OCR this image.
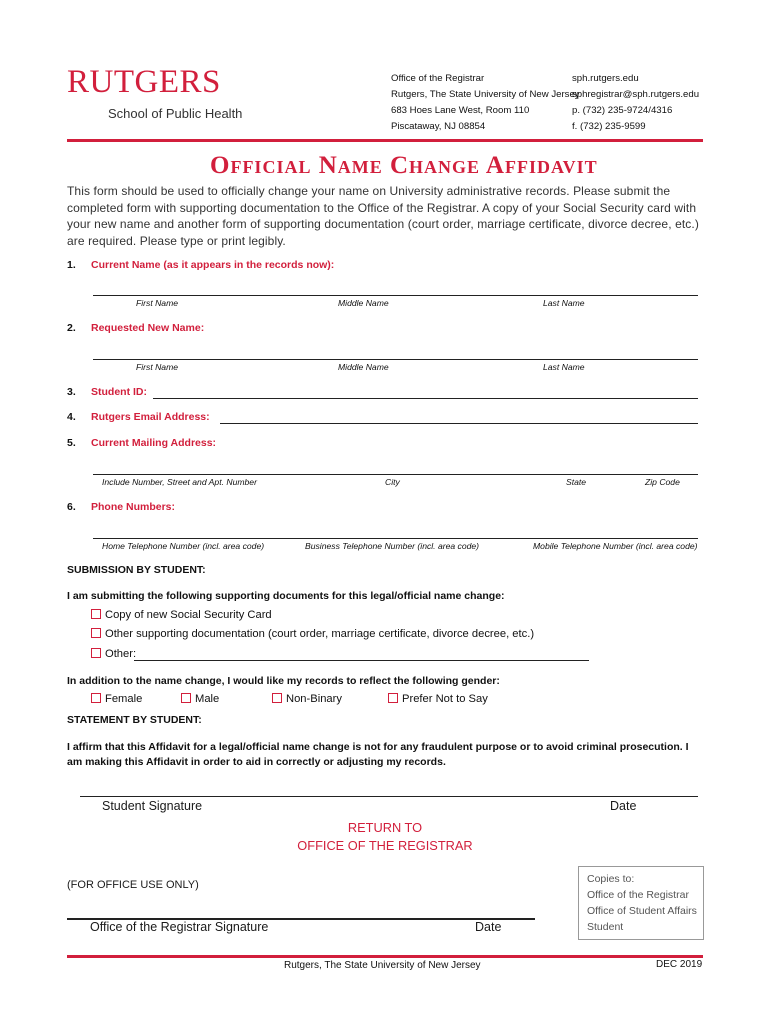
RUTGERS
School of Public Health
Office of the Registrar
Rutgers, The State University of New Jersey
683 Hoes Lane West, Room 110
Piscataway, NJ 08854
sph.rutgers.edu
sphregistrar@sph.rutgers.edu
p. (732) 235-9724/4316
f. (732) 235-9599
Official Name Change Affidavit
This form should be used to officially change your name on University administrative records. Please submit the completed form with supporting documentation to the Office of the Registrar. A copy of your Social Security card with your new name and another form of supporting documentation (court order, marriage certificate, divorce decree, etc.) are required. Please type or print legibly.
1. Current Name (as it appears in the records now):
First Name	Middle Name	Last Name
2. Requested New Name:
First Name	Middle Name	Last Name
3. Student ID:
4. Rutgers Email Address:
5. Current Mailing Address:
Include Number, Street and Apt. Number	City	State	Zip Code
6. Phone Numbers:
Home Telephone Number (incl. area code)	Business Telephone Number (incl. area code)	Mobile Telephone Number (incl. area code)
SUBMISSION BY STUDENT:
I am submitting the following supporting documents for this legal/official name change:
Copy of new Social Security Card
Other supporting documentation (court order, marriage certificate, divorce decree, etc.)
Other:
In addition to the name change, I would like my records to reflect the following gender:
Female	Male	Non-Binary	Prefer Not to Say
STATEMENT BY STUDENT:
I affirm that this Affidavit for a legal/official name change is not for any fraudulent purpose or to avoid criminal prosecution. I am making this Affidavit in order to aid in correctly or adjusting my records.
Student Signature	Date
RETURN TO
OFFICE OF THE REGISTRAR
(FOR OFFICE USE ONLY)
Office of the Registrar Signature	Date
Copies to:
Office of the Registrar
Office of Student Affairs
Student
Rutgers, The State University of New Jersey	DEC 2019
